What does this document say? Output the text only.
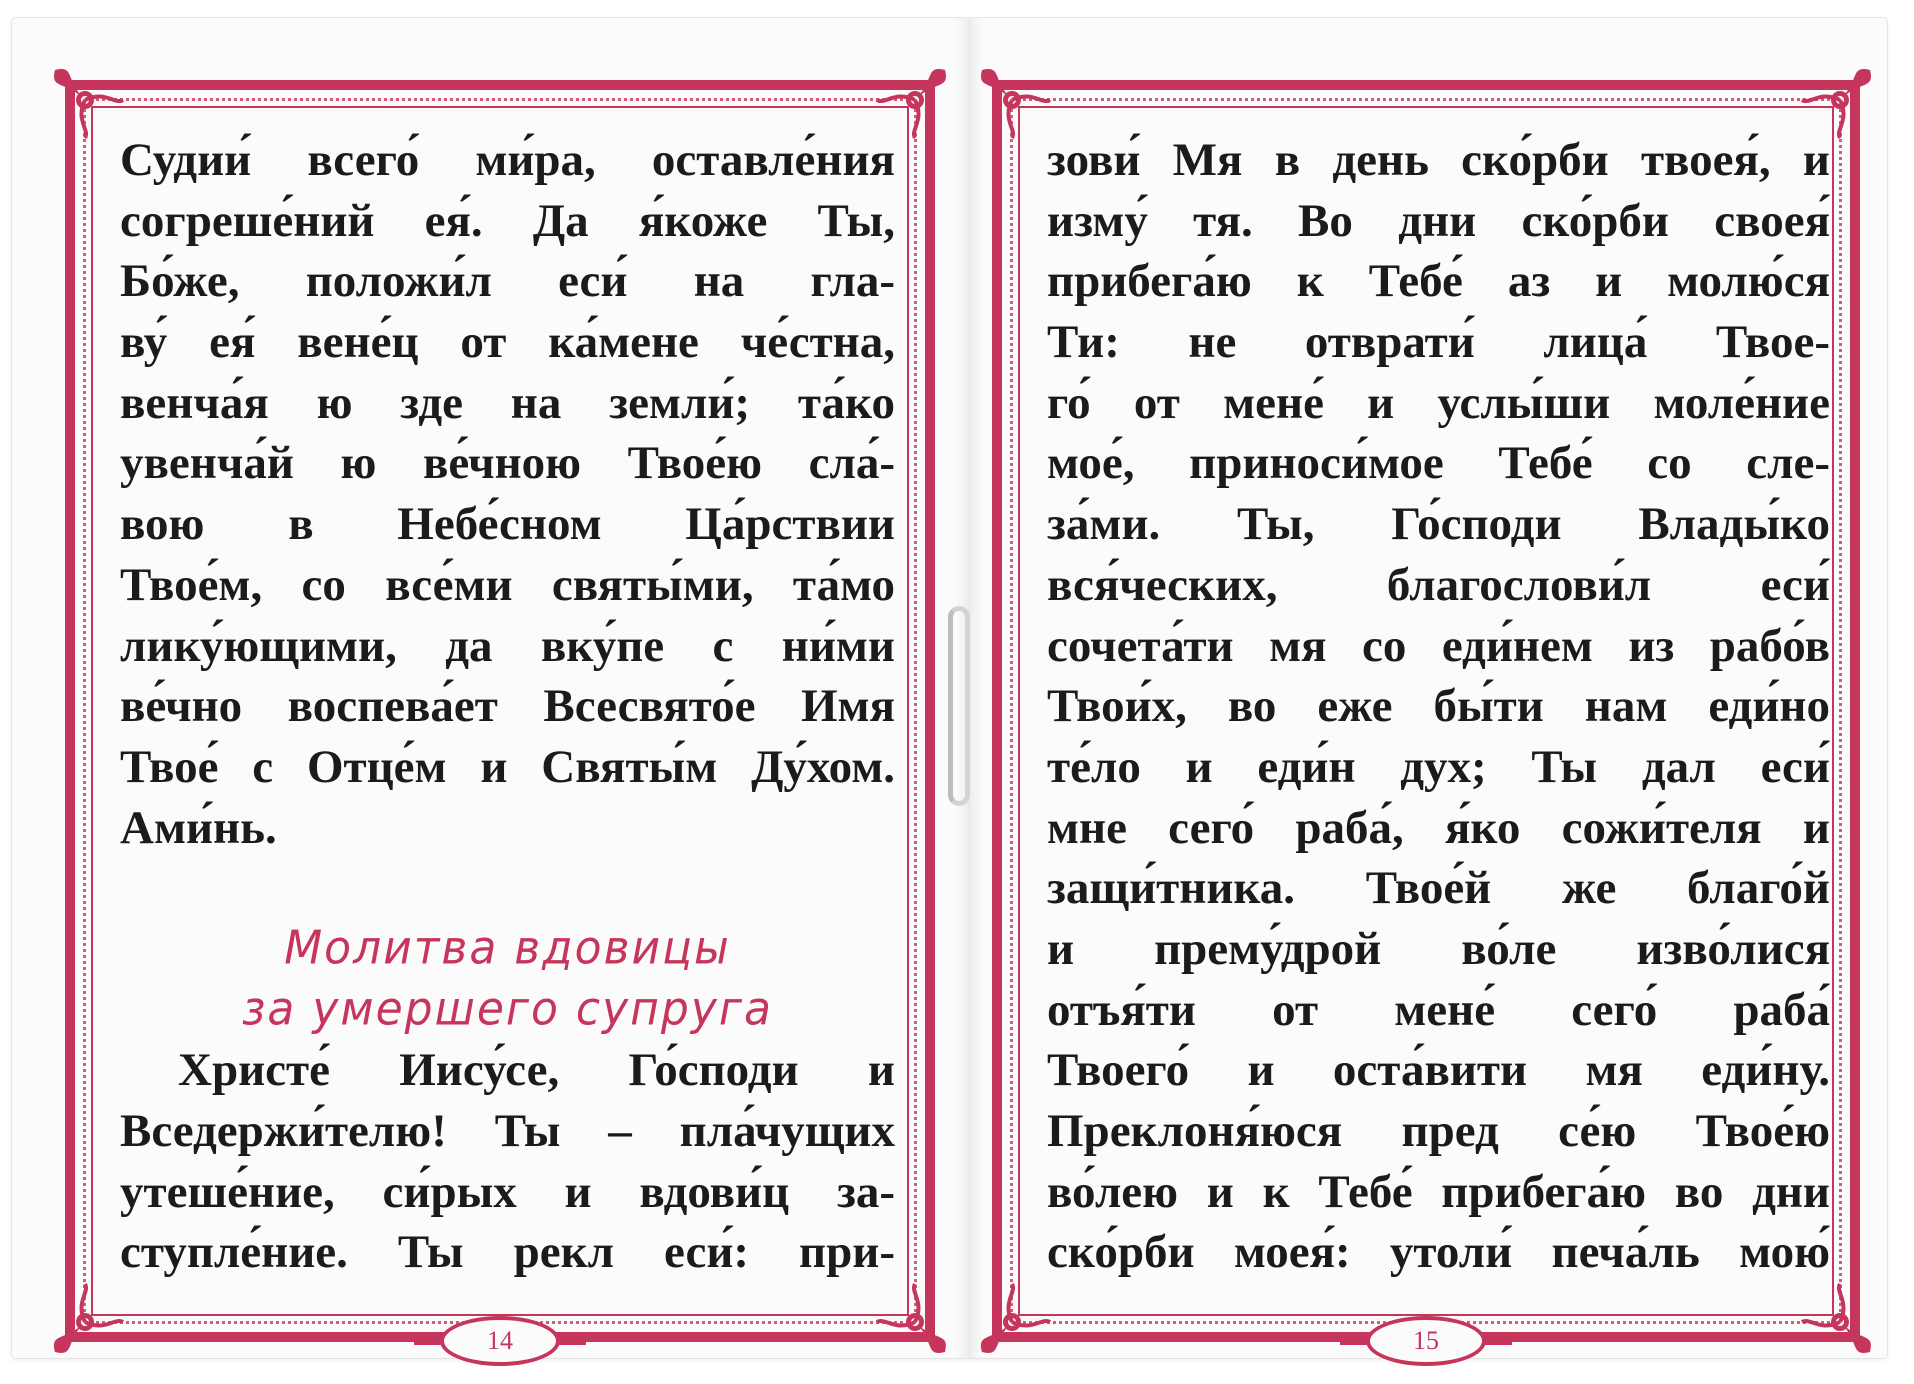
Судии́ всего́ ми́ра, оставле́ния
согреше́ний ея́. Да я́коже Ты,
Бо́же, положи́л еси́ на гла-
ву́ ея́ вене́ц от ка́мене че́стна,
венча́я ю зде на земли́; та́ко
увенча́й ю ве́чною Твое́ю сла́-
вою в Небе́сном Ца́рствии
Твое́м, со все́ми святы́ми, та́мо
лику́ющими, да вку́пе с ни́ми
ве́чно воспева́ет Всесвято́е Имя
Твое́ с Отце́м и Святы́м Ду́хом.
Ами́нь.
Молитва вдовицы
за умершего супруга
Христе́ Иису́се, Го́споди и
Вседержи́телю! Ты – пла́чущих
утеше́ние, си́рых и вдови́ц за-
ступле́ние. Ты рекл еси́: при-
14
зови́ Мя в день ско́рби твоея́, и
изму́ тя. Во дни ско́рби своея́
прибега́ю к Тебе́ аз и молю́ся
Ти: не отврати́ лица́ Твое-
го́ от мене́ и услы́ши моле́ние
мое́, приноси́мое Тебе́ со сле-
за́ми. Ты, Го́споди Влады́ко
вся́ческих, благослови́л еси́
сочета́ти мя со еди́нем из рабо́в
Твои́х, во еже бы́ти нам еди́но
те́ло и еди́н дух; Ты дал еси́
мне сего́ раба́, я́ко сожи́теля и
защи́тника. Твое́й же благо́й
и прему́дрой во́ле изво́лися
отъя́ти от мене́ сего́ раба́
Твоего́ и оста́вити мя еди́ну.
Преклоня́юся пред се́ю Твое́ю
во́лею и к Тебе́ прибега́ю во дни
ско́рби моея́: утоли́ печа́ль мою́
15
